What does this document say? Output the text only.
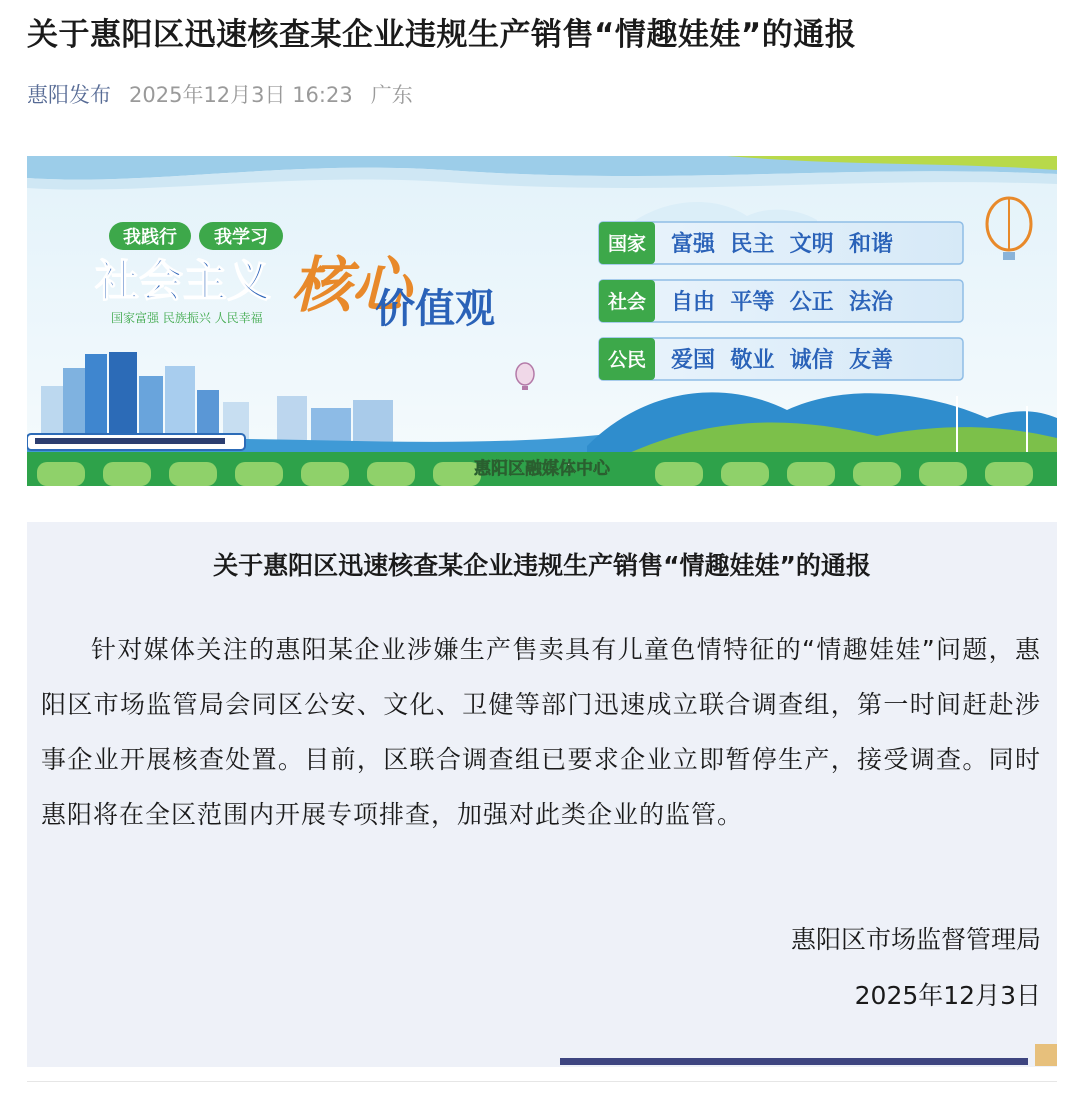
关于惠阳区迅速核查某企业违规生产销售“情趣娃娃”的通报
惠阳发布 2025年12月3日 16:23 广东
我践行 我学习
社会主义 核心
价值观
国家富强 民族振兴 人民幸福
国家 富强  民主  文明  和谐
社会 自由  平等  公正  法治
公民 爱国  敬业  诚信  友善
惠阳区融媒体中心
关于惠阳区迅速核查某企业违规生产销售“情趣娃娃”的通报
针对媒体关注的惠阳某企业涉嫌生产售卖具有儿童色情特征的“情趣娃娃”问题，惠阳区市场监管局会同区公安、文化、卫健等部门迅速成立联合调查组，第一时间赶赴涉事企业开展核查处置。目前，区联合调查组已要求企业立即暂停生产，接受调查。同时惠阳将在全区范围内开展专项排查，加强对此类企业的监管。
惠阳区市场监督管理局
2025年12月3日
